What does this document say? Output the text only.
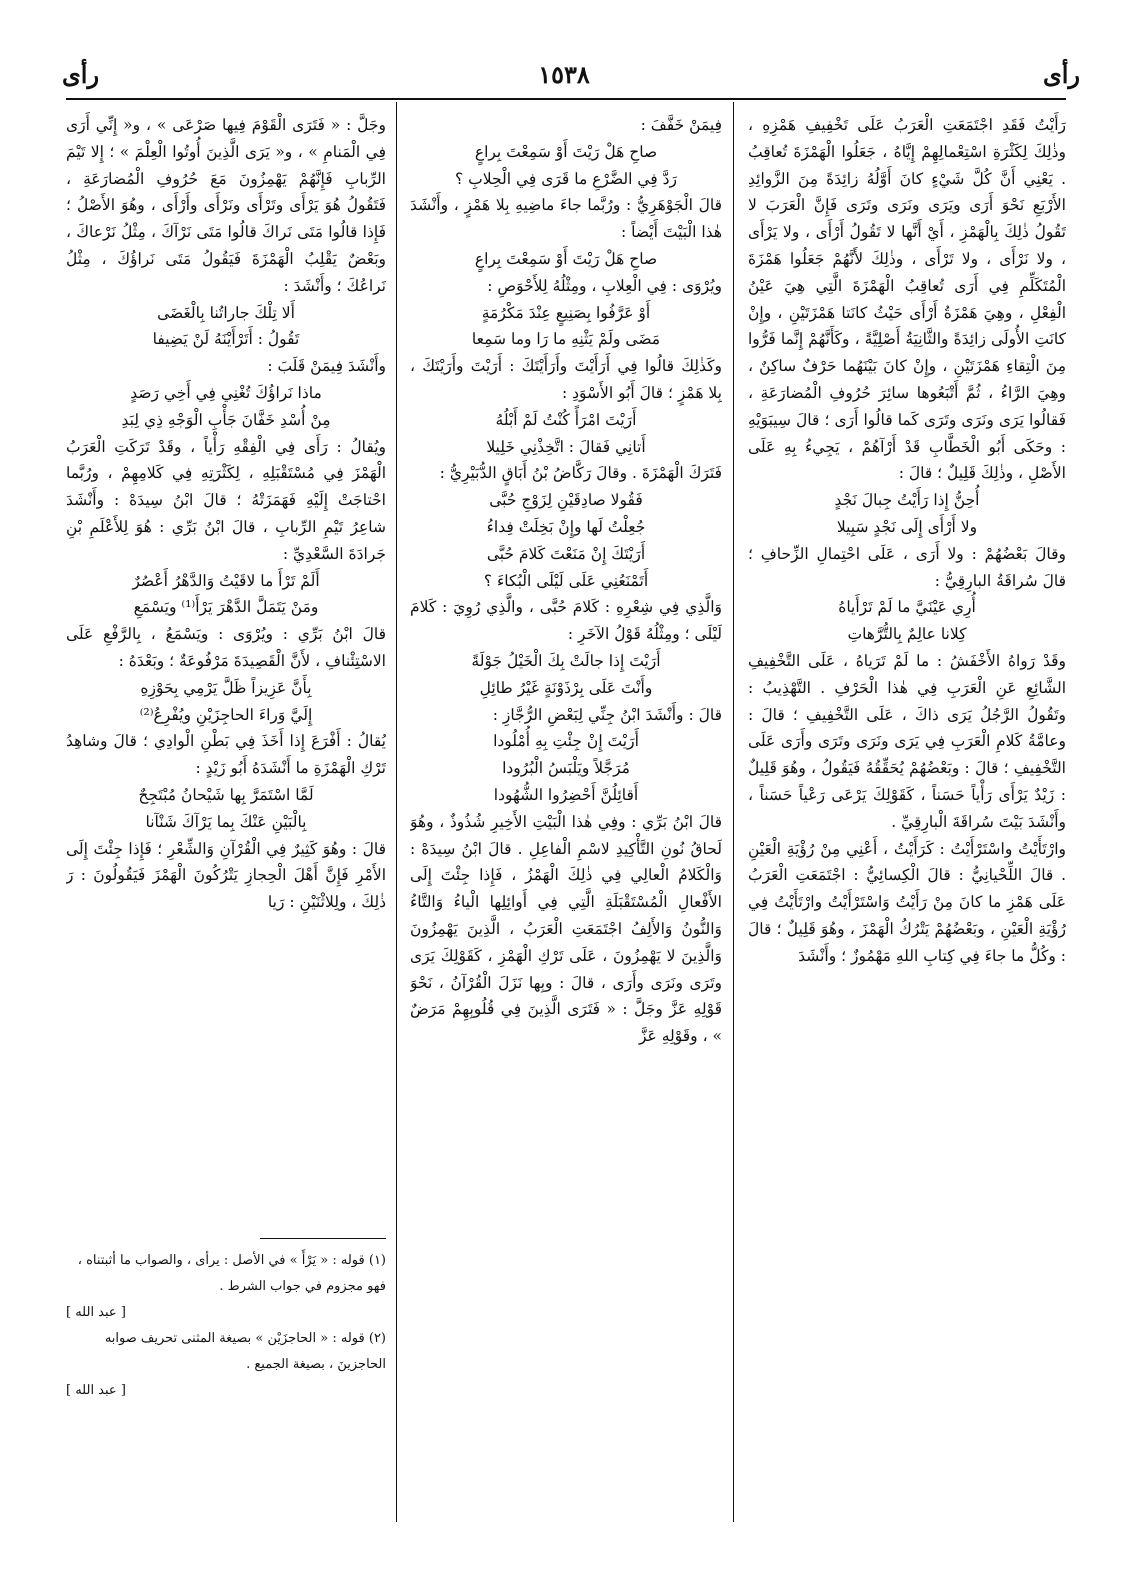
رأى
١٥٣٨
رأى

رَأَيْتُ فَقَدِ اجْتَمَعَتِ الْعَرَبُ عَلَى تَخْفِيفِ هَمْزِهِ ، وذٰلِكَ لِكَثْرَةِ اسْتِعْمالِهِمْ إِيَّاهُ ، جَعَلُوا الْهَمْزَةَ تُعاقِبُ . يَعْنِي أَنَّ كُلَّ شَيْءٍ كانَ أَوَّلُهُ زائِدَةً مِنَ الزَّوائِدِ الأَرْبَعِ نَحْوَ أَرَى ويَرَى ونَرَى وتَرَى فَإِنَّ الْعَرَبَ لا تَقُولُ ذٰلِكَ بِالْهَمْزِ ، أَيْ أَنَّها لا تَقُولُ أَرْأَى ، ولا يَرْأَى ، ولا نَرْأَى ، ولا تَرْأَى ، وذٰلِكَ لأَنَّهُمْ جَعَلُوا هَمْزَةَ الْمُتَكَلِّمِ فِي أَرَى تُعاقِبُ الْهَمْزَةَ الَّتِي هِيَ عَيْنُ الْفِعْلِ ، وهِيَ هَمْزَةُ أَرْأَى حَيْثُ كانَتا هَمْزَتَيْنِ ، وإِنْ كانَتِ الأُولَى زائِدَةً والثَّانِيَةُ أَصْلِيَّةً ، وكَأَنَّهُمْ إِنَّما فَرُّوا مِنَ الْتِقاءِ هَمْزَتَيْنِ ، وإِنْ كانَ بَيْنَهُما حَرْفٌ ساكِنٌ ، وهِيَ الرَّاءُ ، ثُمَّ أَتْبَعُوها سائِرَ حُرُوفِ الْمُضارَعَةِ ، فَقالُوا يَرَى ونَرَى وتَرَى كَما قالُوا أَرَى ؛ قالَ سِيبَوَيْهِ : وحَكَى أَبُو الْخَطَّابِ قَدْ أَرْآهُمْ ، يَجِيءُ بِهِ عَلَى الأَصْلِ ، وذٰلِكَ قَلِيلٌ ؛ قالَ :

أُحِنُّ إِذا رَأَيْتُ جِبالَ نَجْدٍ

ولا أَرْأَى إِلَى نَجْدٍ سَبِيلا

وقالَ بَعْضُهُمْ : ولا أَرَى ، عَلَى احْتِمالِ الزِّحافِ ؛ قالَ سُراقَةُ البارِقِيُّ :

أُرِي عَيْنَيَّ ما لَمْ تَرْأَياهُ

كِلانا عالِمٌ بِالتُّرَّهاتِ

وقَدْ رَواهُ الأَخْفَشُ : ما لَمْ تَرَياهُ ، عَلَى التَّخْفِيفِ الشَّائِعِ عَنِ الْعَرَبِ فِي هٰذا الْحَرْفِ . التَّهْذِيبُ : وتَقُولُ الرَّجُلُ يَرَى ذاكَ ، عَلَى التَّخْفِيفِ ؛ قالَ : وعامَّةُ كَلامِ الْعَرَبِ فِي يَرَى ونَرَى وتَرَى وأَرَى عَلَى التَّخْفِيفِ ؛ قالَ : وبَعْضُهُمْ يُحَقِّقُهُ فَيَقُولُ ، وهُوَ قَلِيلٌ : زَيْدٌ يَرْأَى رَأْياً حَسَناً ، كَقَوْلِكَ يَرْعَى رَعْياً حَسَناً ، وأَنْشَدَ بَيْتَ سُراقَةَ الْبارِقِيِّ .

وارْتَأَيْتُ واسْتَرْأَيْتُ : كَرَأَيْتُ ، أَعْنِي مِنْ رُؤْيَةِ الْعَيْنِ . قالَ اللِّحْيانِيُّ : قالَ الْكِسائِيُّ : اجْتَمَعَتِ الْعَرَبُ عَلَى هَمْزِ ما كانَ مِنْ رَأَيْتُ وَاسْتَرْأَيْتُ وارْتَأَيْتُ فِي رُؤْيَةِ الْعَيْنِ ، وبَعْضُهُمْ يَتْرُكُ الْهَمْزَ ، وهُوَ قَلِيلٌ ؛ قالَ : وكُلُّ ما جاءَ فِي كِتابِ اللهِ مَهْمُوزٌ ؛ وأَنْشَدَ

فِيمَنْ خَفَّفَ :

صاحِ هَلْ رَيْتَ أَوْ سَمِعْتَ بِراعٍ

رَدَّ فِي الضَّرْعِ ما قَرَى فِي الْحِلابِ ؟

قالَ الْجَوْهَرِيُّ : ورُبَّما جاءَ ماضِيهِ بِلا هَمْزٍ ، وأَنْشَدَ هٰذا الْبَيْتَ أَيْضاً :

صاحِ هَلْ رَيْتَ أَوْ سَمِعْتَ بِراعٍ

ويُرْوَى : فِي الْعِلابِ ، ومِثْلُهُ لِلأَحْوَصِ :

أَوْ عَرَّفُوا بِصَنِيعٍ عِنْدَ مَكْرُمَةٍ

مَضَى ولَمْ يَثْنِهِ ما رَا وما سَمِعا

وكَذٰلِكَ قالُوا فِي أَرَأَيْتَ وأَرَأَيْتَكَ : أَرَيْتَ وأَرَيْتَكَ ، بِلا هَمْزٍ ؛ قالَ أَبُو الأَسْوَدِ :

أَرَيْتَ امْرَأً كُنْتُ لَمْ أَبْلُهُ

أَتانِي فَقالَ : اتَّخِذْنِي خَلِيلا

فَتَرَكَ الْهَمْزَةَ . وقالَ رَكَّاضُ بْنُ أَبَاقٍ الدُّبَيْرِيُّ :

فَقُولا صادِقَيْنِ لِزَوْجِ حُبَّى

جُعِلْتُ لَها وإِنْ بَخِلَتْ فِداءُ

أَرَيْتَكَ إِنْ مَنَعْتَ كَلامَ حُبَّى

أَتَمْنَعُنِي عَلَى لَيْلَى الْبُكاءَ ؟

وَالَّذِي فِي شِعْرِهِ : كَلامَ حُبَّى ، والَّذِي رُوِيَ : كَلامَ لَيْلَى ؛ ومِثْلُهُ قَوْلُ الآخَرِ :

أَرَيْتَ إِذا جالَتْ بِكَ الْخَيْلُ جَوْلَةً

وأَنْتَ عَلَى بِرْذَوْنَةٍ غَيْرُ طائِلِ

قالَ : وأَنْشَدَ ابْنُ جِنِّي لِبَعْضِ الرُّجَّازِ :

أَرَيْتَ إِنْ جِئْتِ بِهِ أُمْلُودا

مُرَجَّلاً ويَلْبَسُ الْبُرُودا

أَقائِلُنَّ أَحْضِرُوا الشُّهُودا

قالَ ابْنُ بَرِّي : وفِي هٰذا الْبَيْتِ الأَخِيرِ شُذُوذٌ ، وهُوَ لَحاقُ نُونِ التَّأْكِيدِ لاسْمِ الْفاعِلِ . قالَ ابْنُ سِيدَهْ : وَالْكَلامُ الْعالِي فِي ذٰلِكَ الْهَمْزُ ، فَإِذا جِئْتَ إِلَى الأَفْعالِ الْمُسْتَقْبَلَةِ الَّتِي فِي أَوائِلِها الْياءُ وَالتَّاءُ وَالنُّونُ وَالأَلِفُ اجْتَمَعَتِ الْعَرَبُ ، الَّذِينَ يَهْمِزُونَ وَالَّذِينَ لا يَهْمِزُونَ ، عَلَى تَرْكِ الْهَمْزِ ، كَقَوْلِكَ يَرَى وتَرَى ونَرَى وأَرَى ، قالَ : وبِها نَزَلَ الْقُرْآنُ ، نَحْوَ قَوْلِهِ عَزَّ وجَلَّ : « فَتَرَى الَّذِينَ فِي قُلُوبِهِمْ مَرَضٌ » ، وقَوْلِهِ عَزَّ

وجَلَّ : « فَتَرَى الْقَوْمَ فِيها صَرْعَى » ، و« إِنِّي أَرَى فِي الْمَنامِ » ، و« يَرَى الَّذِينَ أُوتُوا الْعِلْمَ » ؛ إِلا تَيْمَ الرِّبابِ فَإِنَّهُمْ يَهْمِزُونَ مَعَ حُرُوفِ الْمُضارَعَةِ ، فَتَقُولُ هُوَ يَرْأَى وتَرْأَى ونَرْأَى وأَرْأَى ، وهُوَ الأَصْلُ ؛ فَإِذا قالُوا مَتَى نَراكَ قالُوا مَتَى نَرْآكَ ، مِثْلُ نَرْعاكَ ، وبَعْضٌ يَقْلِبُ الْهَمْزَةَ فَيَقُولُ مَتَى نَراؤُكَ ، مِثْلُ نَراعُكَ ؛ وأَنْشَدَ :

أَلا تِلْكَ جاراتُنا بِالْغَضَى

تَقُولُ : أَتَرْأَيْنَهُ لَنْ يَضِيفا

وأَنْشَدَ فِيمَنْ قَلَبَ :

ماذا نَراؤُكَ تُغْنِي فِي أَخِي رَصَدٍ

مِنْ أُسْدِ خَفَّانَ جَأْبِ الْوَجْهِ ذِي لِبَدِ

ويُقالُ : رَأَى فِي الْفِقْهِ رَأْياً ، وقَدْ تَرَكَتِ الْعَرَبُ الْهَمْزَ فِي مُسْتَقْبَلِهِ ، لِكَثْرَتِهِ فِي كَلامِهِمْ ، ورُبَّما احْتاجَتْ إِلَيْهِ فَهَمَزَتْهُ ؛ قالَ ابْنُ سِيدَهْ : وأَنْشَدَ شاعِرُ تَيْمِ الرِّبابِ ، قالَ ابْنُ بَرِّي : هُوَ لِلأَعْلَمِ بْنِ جَرادَةَ السَّعْدِيِّ :

أَلَمْ تَرْأَ ما لاقَيْتُ وَالدَّهْرُ أَعْصُرٌ

ومَنْ يَتَمَلَّ الدَّهْرَ يَرْأَ⁽¹⁾ ويَسْمَعِ

قالَ ابْنُ بَرِّي : ويُرْوَى : ويَسْمَعُ ، بِالرَّفْعِ عَلَى الاسْتِئْنافِ ، لأَنَّ الْقَصِيدَةَ مَرْفُوعَةٌ ؛ وبَعْدَهُ :

بِأَنَّ عَزِيزاً ظَلَّ يَرْمِي بِحَوْزِهِ

إِلَيَّ وَراءَ الحاجِزَيْنِ ويُفْرِعُ⁽²⁾

يُقالُ : أَفْرَعَ إِذا أَخَذَ فِي بَطْنِ الْوادِي ؛ قالَ وشاهِدُ تَرْكِ الْهَمْزَةِ ما أَنْشَدَهُ أَبُو زَيْدٍ :

لَمَّا اسْتَمَرَّ بِها شَيْحانُ مُبْتَجِحٌ

بِالْبَيْنِ عَنْكَ بِما يَرْآكَ شَنْآنا

قالَ : وهُوَ كَثِيرٌ فِي الْقُرْآنِ وَالشِّعْرِ ؛ فَإِذا جِئْتَ إِلَى الأَمْرِ فَإِنَّ أَهْلَ الْحِجازِ يَتْرُكُونَ الْهَمْزَ فَيَقُولُونَ : رَ ذٰلِكَ ، ولِلاثْنَيْنِ : رَيا

(١) قوله : « يَرْأَ » في الأصل : يرأى ، والصواب ما أثبتناه ، فهو مجزوم في جواب الشرط .

[ عبد الله ]

(٢) قوله : « الحاجزَيْن » بصيغة المثنى تحريف صوابه الحاجزينَ ، بصيغة الجميع .

[ عبد الله ]
